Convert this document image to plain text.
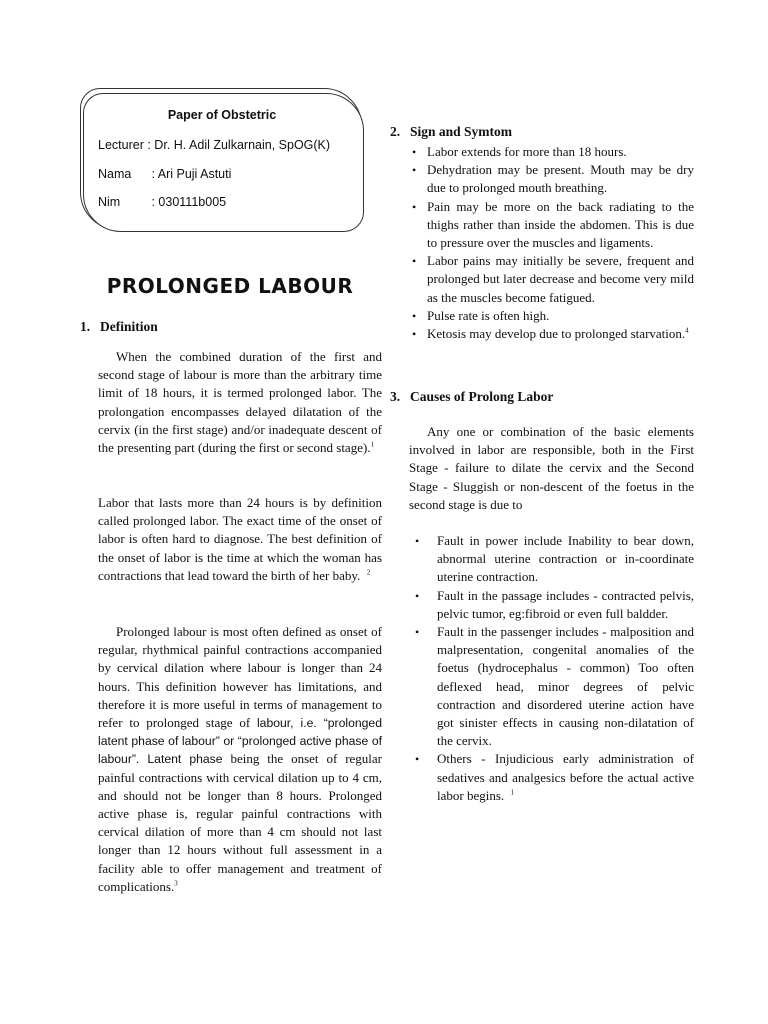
Paper of Obstetric
Lecturer : Dr. H. Adil Zulkarnain, SpOG(K)
Nama : Ari Puji Astuti
Nim	: 030111b005
PROLONGED LABOUR
1. Definition

When the combined duration of the first and second stage of labour is more than the arbitrary time limit of 18 hours, it is termed prolonged labor. The prolongation encompasses delayed dilatation of the cervix (in the first stage) and/or inadequate descent of the presenting part (during the first or second stage).$^1$

Labor that lasts more than 24 hours is by definition called prolonged labor. The exact time of the onset of labor is often hard to diagnose. The best definition of the onset of labor is the time at which the woman has contractions that lead toward the birth of her baby. $^2$

Prolonged labour is most often defined as onset of regular, rhythmical painful contractions accompanied by cervical dilation where labour is longer than 24 hours. This definition however has limitations, and therefore it is more useful in terms of management to refer to prolonged stage of labour, i.e. “prolonged latent phase of labour” or “prolonged active phase of labour”. Latent phase being the onset of regular painful contractions with cervical dilation up to 4 cm, and should not be longer than 8 hours. Prolonged active phase is, regular painful contractions with cervical dilation of more than 4 cm should not last longer than 12 hours without full assessment in a facility able to offer management and treatment of complications.$^3$

2. Sign and Symtom
• Labor extends for more than 18 hours.
• Dehydration may be present. Mouth may be dry due to prolonged mouth breathing.
• Pain may be more on the back radiating to the thighs rather than inside the abdomen. This is due to pressure over the muscles and ligaments.
• Labor pains may initially be severe, frequent and prolonged but later decrease and become very mild as the muscles become fatigued.
• Pulse rate is often high.
• Ketosis may develop due to prolonged starvation.$^4$
3. Causes of Prolong Labor

Any one or combination of the basic elements involved in labor are responsible, both in the First Stage - failure to dilate the cervix and the Second Stage - Sluggish or non-descent of the foetus in the second stage is due to

• Fault in power include Inability to bear down, abnormal uterine contraction or in-coordinate uterine contraction.
• Fault in the passage includes - contracted pelvis, pelvic tumor, eg:fibroid or even full baldder.
• Fault in the passenger includes - malposition and malpresentation, congenital anomalies of the foetus (hydrocephalus - common) Too often deflexed head, minor degrees of pelvic contraction and disordered uterine action have got sinister effects in causing non-dilatation of the cervix.
• Others - Injudicious early administration of sedatives and analgesics before the actual active labor begins. $^1$
